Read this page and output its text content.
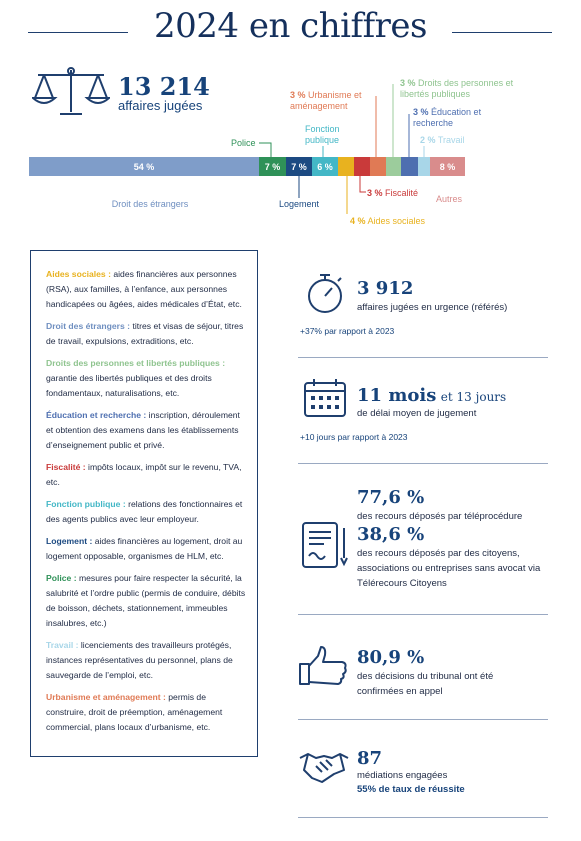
2024 en chiffres
13 214
affaires jugées
54 %	7 %	7 %	6 %	8 %
Droit des étrangers
Police
Logement
Fonction publique
4 % Aides sociales
3 % Fiscalité
3 % Urbanisme et aménagement
3 % Droits des personnes et libertés publiques
3 % Éducation et recherche
2 % Travail
Autres

Aides sociales : aides financières aux personnes (RSA), aux familles, à l’enfance, aux personnes handicapées ou âgées, aides médicales d’État, etc.

Droit des étrangers : titres et visas de séjour, titres de travail, expulsions, extraditions, etc.

Droits des personnes et libertés publiques : garantie des libertés publiques et des droits fondamentaux, naturalisations, etc.

Éducation et recherche : inscription, déroulement et obtention des examens dans les établissements d’enseignement public et privé.

Fiscalité : impôts locaux, impôt sur le revenu, TVA, etc.

Fonction publique : relations des fonctionnaires et des agents publics avec leur employeur.

Logement : aides financières au logement, droit au logement opposable, organismes de HLM, etc.

Police : mesures pour faire respecter la sécurité, la salubrité et l’ordre public (permis de conduire, débits de boisson, déchets, stationnement, immeubles insalubres, etc.)

Travail : licenciements des travailleurs protégés, instances représentatives du personnel, plans de sauvegarde de l’emploi, etc.

Urbanisme et aménagement : permis de construire, droit de préemption, aménagement commercial, plans locaux d’urbanisme, etc.

3 912
affaires jugées en urgence (référés)
+37% par rapport à 2023
11 mois et 13 jours
de délai moyen de jugement
+10 jours par rapport à 2023
77,6 %
des recours déposés par téléprocédure
38,6 %
des recours déposés par des citoyens, associations ou entreprises sans avocat via Télérecours Citoyens
80,9 %
des décisions du tribunal ont été confirmées en appel
87
médiations engagées
55% de taux de réussite
